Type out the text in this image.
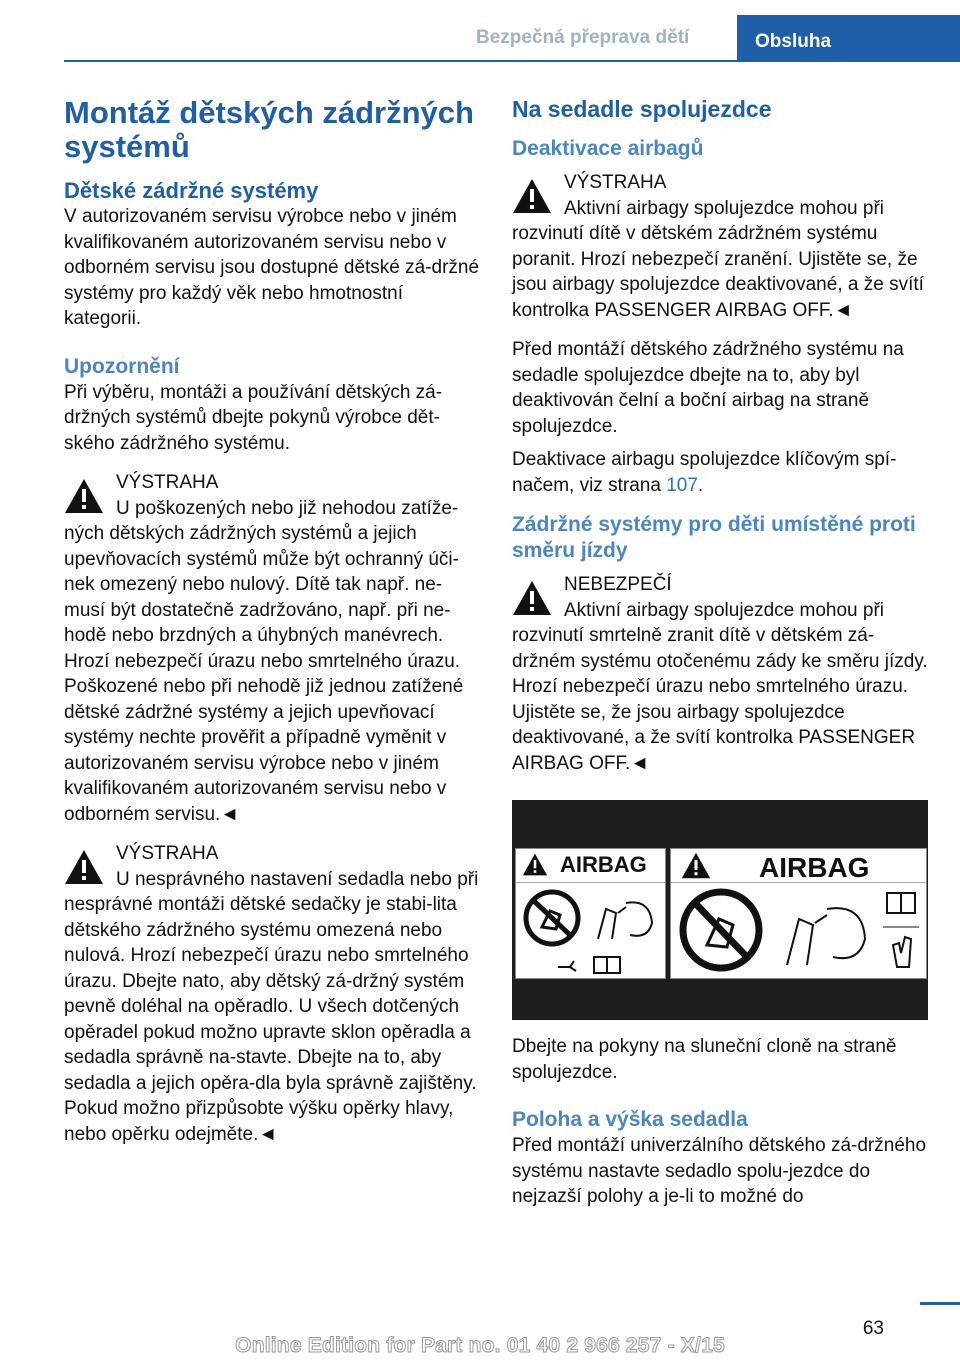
Bezpečná přeprava dětí	Obsluha
Montáž dětských zádržných systémů
Dětské zádržné systémy

V autorizovaném servisu výrobce nebo v jiném kvalifikovaném autorizovaném servisu nebo v odborném servisu jsou dostupné dětské zá-držné systémy pro každý věk nebo hmotnostní kategorii.

Upozornění

Při výběru, montáži a používání dětských zá-držných systémů dbejte pokynů výrobce dět-ského zádržného systému.

VÝSTRAHA

U poškozených nebo již nehodou zatíže-ných dětských zádržných systémů a jejich upevňovacích systémů může být ochranný úči-nek omezený nebo nulový. Dítě tak např. ne-musí být dostatečně zadržováno, např. při ne-hodě nebo brzdných a úhybných manévrech. Hrozí nebezpečí úrazu nebo smrtelného úrazu. Poškozené nebo při nehodě již jednou zatížené dětské zádržné systémy a jejich upevňovací systémy nechte prověřit a případně vyměnit v autorizovaném servisu výrobce nebo v jiném kvalifikovaném autorizovaném servisu nebo v odborném servisu.◄

VÝSTRAHA

U nesprávného nastavení sedadla nebo při nesprávné montáži dětské sedačky je stabi-lita dětského zádržného systému omezená nebo nulová. Hrozí nebezpečí úrazu nebo smrtelného úrazu. Dbejte nato, aby dětský zá-držný systém pevně doléhal na opěradlo. U všech dotčených opěradel pokud možno upravte sklon opěradla a sedadla správně na-stavte. Dbejte na to, aby sedadla a jejich opěra-dla byla správně zajištěny. Pokud možno přizpůsobte výšku opěrky hlavy, nebo opěrku odejměte.◄

Na sedadle spolujezdce
Deaktivace airbagů
VÝSTRAHA

Aktivní airbagy spolujezdce mohou při rozvinutí dítě v dětském zádržném systému poranit. Hrozí nebezpečí zranění. Ujistěte se, že jsou airbagy spolujezdce deaktivované, a že svítí kontrolka PASSENGER AIRBAG OFF.◄

Před montáží dětského zádržného systému na sedadle spolujezdce dbejte na to, aby byl deaktivován čelní a boční airbag na straně spolujezdce.

Deaktivace airbagu spolujezdce klíčovým spí-načem, viz strana 107.

Zádržné systémy pro děti umístěné proti směru jízdy
NEBEZPEČÍ

Aktivní airbagy spolujezdce mohou při rozvinutí smrtelně zranit dítě v dětském zá-držném systému otočenému zády ke směru jízdy. Hrozí nebezpečí úrazu nebo smrtelného úrazu. Ujistěte se, že jsou airbagy spolujezdce deaktivované, a že svítí kontrolka PASSENGER AIRBAG OFF.◄

AIRBAG	AIRBAG

Dbejte na pokyny na sluneční cloně na straně spolujezdce.

Poloha a výška sedadla

Před montáží univerzálního dětského zá-držného systému nastavte sedadlo spolu-jezdce do nejzazší polohy a je-li to možné do

63
Online Edition for Part no. 01 40 2 966 257 - X/15
